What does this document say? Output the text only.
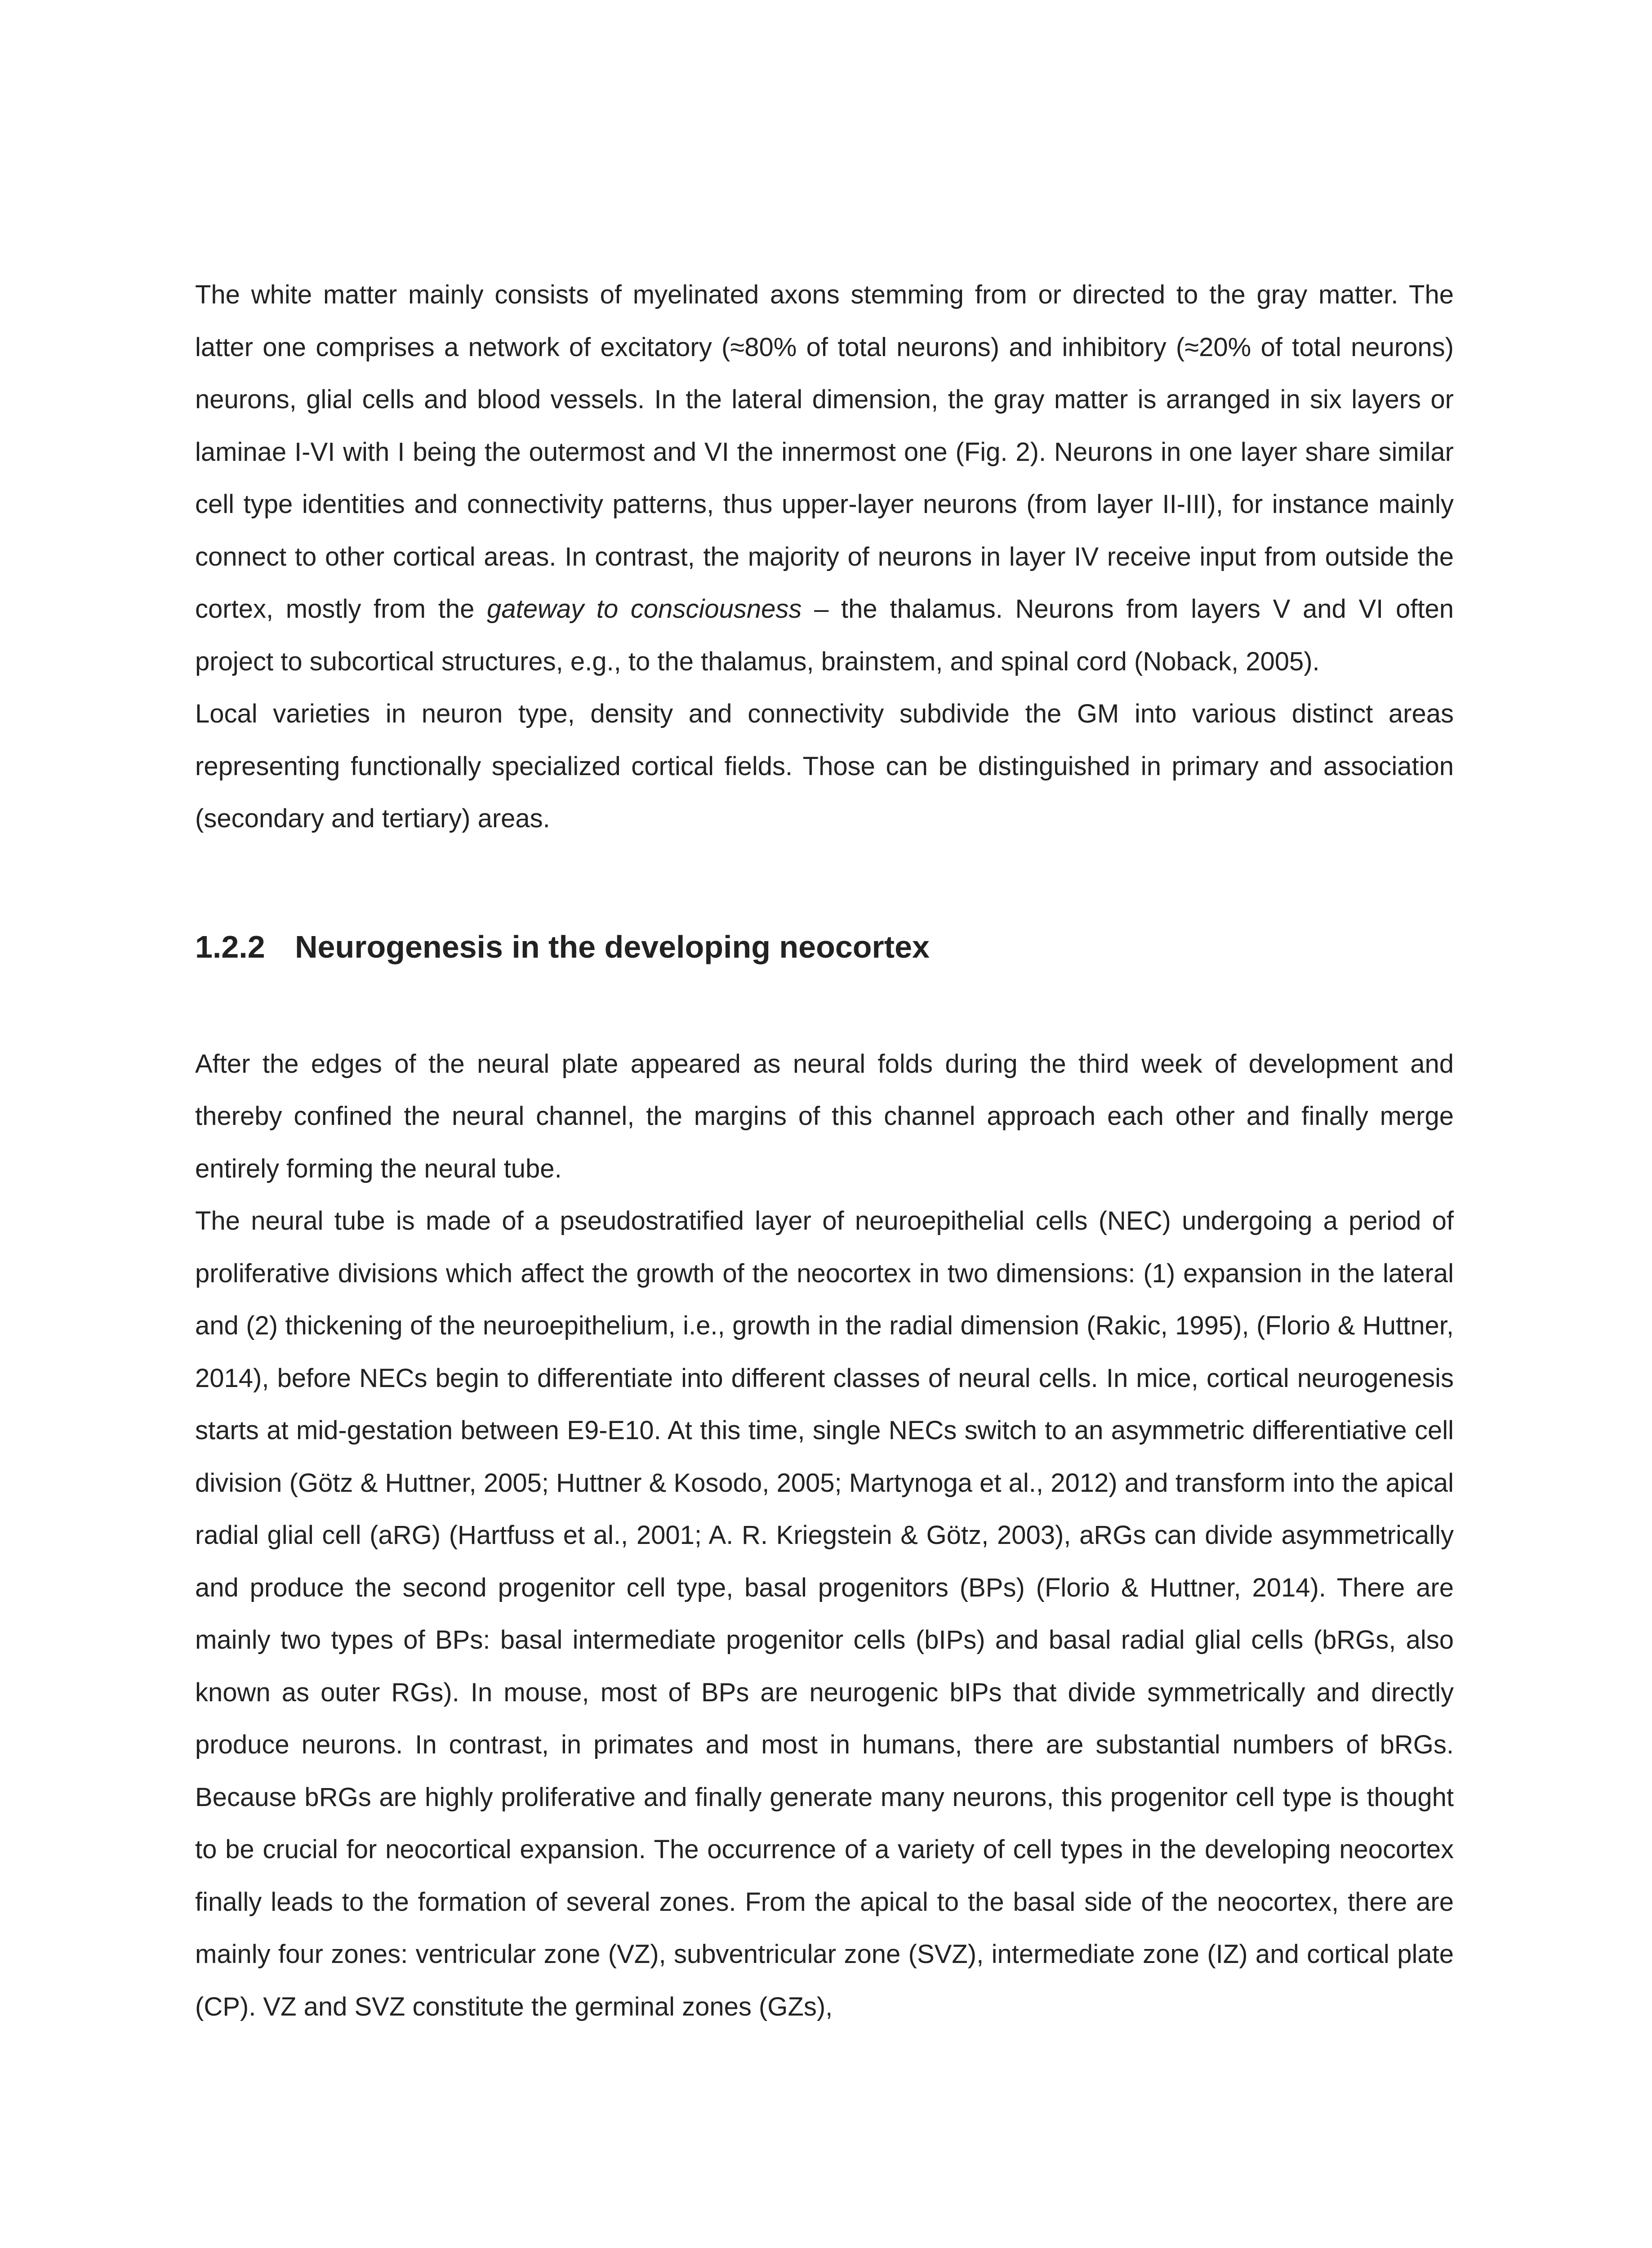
The white matter mainly consists of myelinated axons stemming from or directed to the gray matter. The latter one comprises a network of excitatory (≈80% of total neurons) and inhibitory (≈20% of total neurons) neurons, glial cells and blood vessels. In the lateral dimension, the gray matter is arranged in six layers or laminae I-VI with I being the outermost and VI the innermost one (Fig. 2). Neurons in one layer share similar cell type identities and connectivity patterns, thus upper-layer neurons (from layer II-III), for instance mainly connect to other cortical areas. In contrast, the majority of neurons in layer IV receive input from outside the cortex, mostly from the gateway to consciousness – the thalamus. Neurons from layers V and VI often project to subcortical structures, e.g., to the thalamus, brainstem, and spinal cord (Noback, 2005).

Local varieties in neuron type, density and connectivity subdivide the GM into various distinct areas representing functionally specialized cortical fields. Those can be distinguished in primary and association (secondary and tertiary) areas.

1.2.2 Neurogenesis in the developing neocortex

After the edges of the neural plate appeared as neural folds during the third week of development and thereby confined the neural channel, the margins of this channel approach each other and finally merge entirely forming the neural tube.

The neural tube is made of a pseudostratified layer of neuroepithelial cells (NEC) undergoing a period of proliferative divisions which affect the growth of the neocortex in two dimensions: (1) expansion in the lateral and (2) thickening of the neuroepithelium, i.e., growth in the radial dimension (Rakic, 1995), (Florio & Huttner, 2014), before NECs begin to differentiate into different classes of neural cells. In mice, cortical neurogenesis starts at mid-gestation between E9-E10. At this time, single NECs switch to an asymmetric differentiative cell division (Götz & Huttner, 2005; Huttner & Kosodo, 2005; Martynoga et al., 2012) and transform into the apical radial glial cell (aRG) (Hartfuss et al., 2001; A. R. Kriegstein & Götz, 2003), aRGs can divide asymmetrically and produce the second progenitor cell type, basal progenitors (BPs) (Florio & Huttner, 2014). There are mainly two types of BPs: basal intermediate progenitor cells (bIPs) and basal radial glial cells (bRGs, also known as outer RGs). In mouse, most of BPs are neurogenic bIPs that divide symmetrically and directly produce neurons. In contrast, in primates and most in humans, there are substantial numbers of bRGs. Because bRGs are highly proliferative and finally generate many neurons, this progenitor cell type is thought to be crucial for neocortical expansion. The occurrence of a variety of cell types in the developing neocortex finally leads to the formation of several zones. From the apical to the basal side of the neocortex, there are mainly four zones: ventricular zone (VZ), subventricular zone (SVZ), intermediate zone (IZ) and cortical plate (CP). VZ and SVZ constitute the germinal zones (GZs),
